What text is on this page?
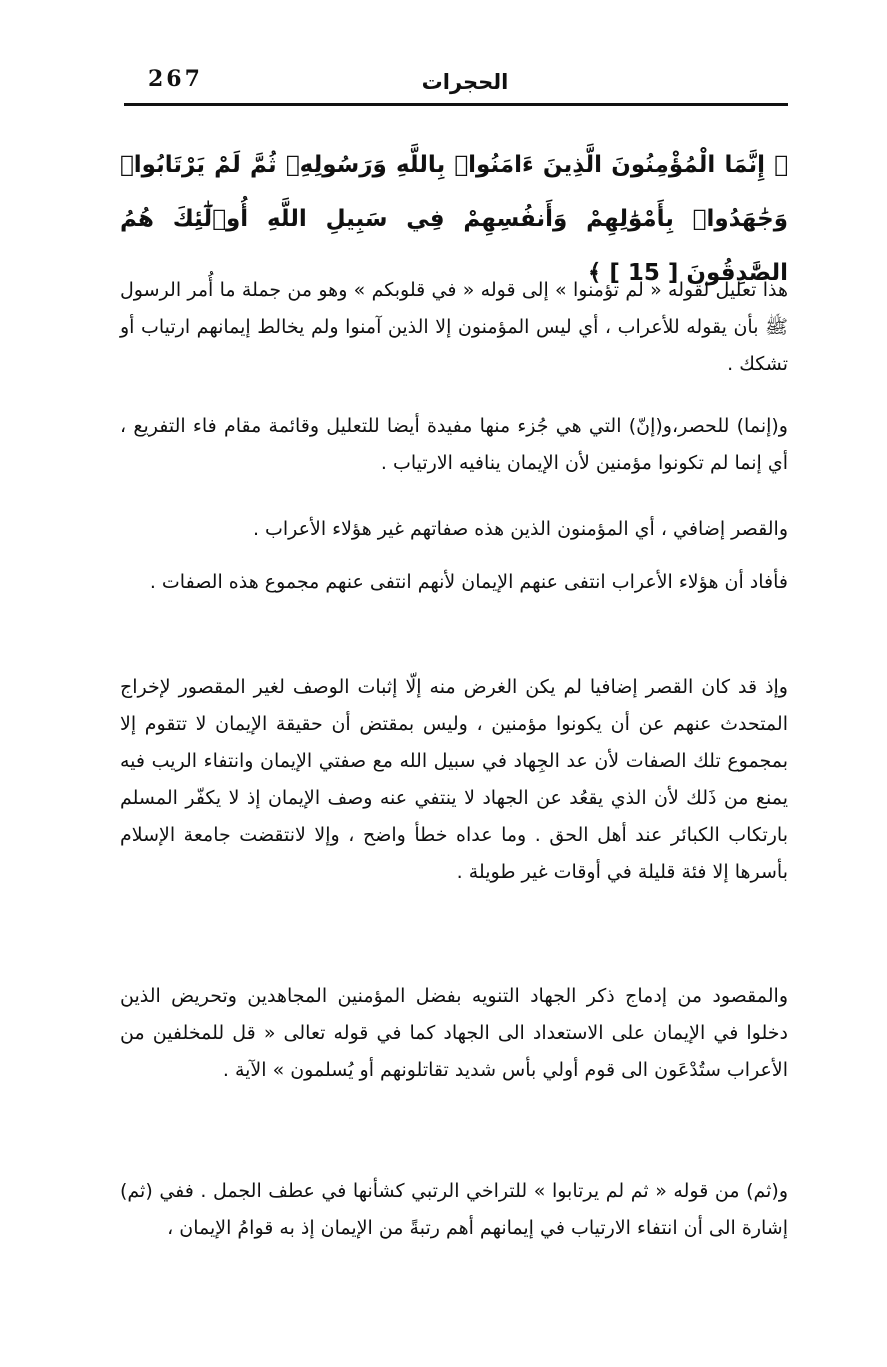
267	الحجرات
﴿ إِنَّمَا الْمُؤْمِنُونَ الَّذِينَ ءَامَنُوا۟ بِاللَّهِ وَرَسُولِهِۦ ثُمَّ لَمْ يَرْتَابُوا۟ وَجَٰهَدُوا۟ بِأَمْوَٰلِهِمْ وَأَنفُسِهِمْ فِي سَبِيلِ اللَّهِ أُو۟لَٰٓئِكَ هُمُ الصَّٰدِقُونَ [ 15 ] ﴾
هذا تعليل لقوله « لم تؤمنوا » إلى قوله « في قلوبكم » وهو من جملة ما أُمر الرسول ﷺ بأن يقوله للأعراب ، أي ليس المؤمنون إلا الذين آمنوا ولم يخالط إيمانهم ارتياب أو تشكك .
و(إنما) للحصر،و(إنّ) التي هي جُزء منها مفيدة أيضا للتعليل وقائمة مقام فاء التفريع ، أي إنما لم تكونوا مؤمنين لأن الإيمان ينافيه الارتياب .
والقصر إضافي ، أي المؤمنون الذين هذه صفاتهم غير هؤلاء الأعراب .
فأفاد أن هؤلاء الأعراب انتفى عنهم الإيمان لأنهم انتفى عنهم مجموع هذه الصفات .
وإذ قد كان القصر إضافيا لم يكن الغرض منه إلّا إثبات الوصف لغير المقصور لإخراج المتحدث عنهم عن أن يكونوا مؤمنين ، وليس بمقتض أن حقيقة الإيمان لا تتقوم إلا بمجموع تلك الصفات لأن عد الجِهاد في سبيل الله مع صفتي الإيمان وانتفاء الريب فيه يمنع من ذَلك لأن الذي يقعُد عن الجهاد لا ينتفي عنه وصف الإيمان إذ لا يكفّر المسلم بارتكاب الكبائر عند أهل الحق . وما عداه خطأ واضح ، وإلا لانتقضت جامعة الإسلام بأسرها إلا فئة قليلة في أوقات غير طويلة .
والمقصود من إدماج ذكر الجهاد التنويه بفضل المؤمنين المجاهدين وتحريض الذين دخلوا في الإيمان على الاستعداد الى الجهاد كما في قوله تعالى « قل للمخلفين من الأعراب ستُدْعَون الى قوم أولي بأس شديد تقاتلونهم أو يُسلمون » الآية .
و(ثم) من قوله « ثم لم يرتابوا » للتراخي الرتبي كشأنها في عطف الجمل . ففي (ثم) إشارة الى أن انتفاء الارتياب في إيمانهم أهم رتبةً من الإيمان إذ به قوامُ الإيمان ،
